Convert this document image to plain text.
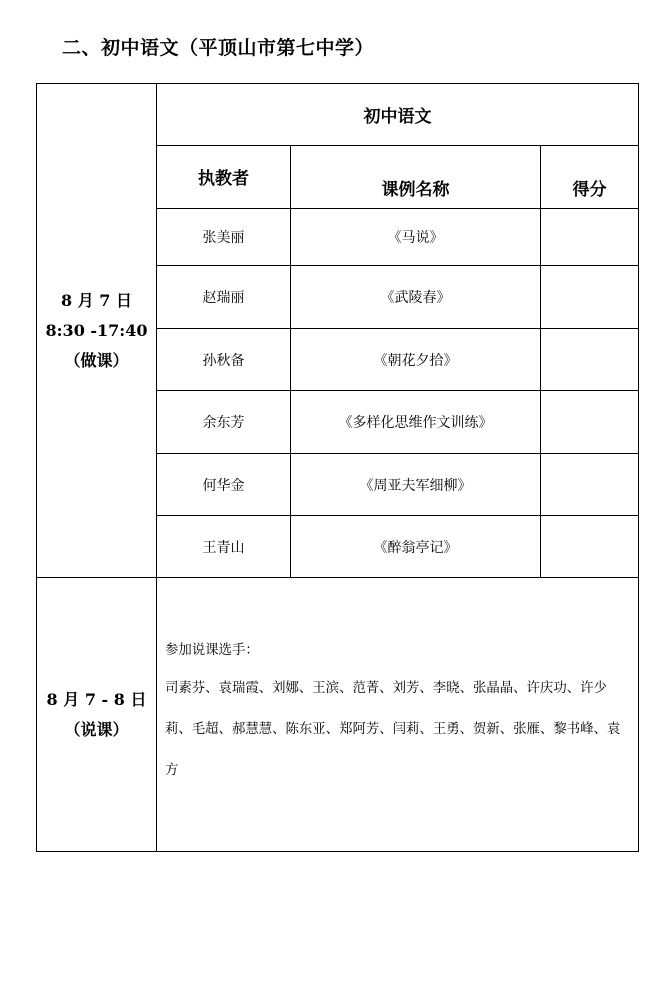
二、初中语文（平顶山市第七中学）
8 月 7 日
8:30 -17:40
（做课）	初中语文		
	执教者	课例名称	得分
	张美丽	《马说》	
	赵瑞丽	《武陵春》	
	孙秋备	《朝花夕拾》	
	余东芳	《多样化思维作文训练》	
	何华金	《周亚夫军细柳》	
	王青山	《醉翁亭记》	

8 月 7 - 8 日
（说课）	参加说课选手：
司素芬、袁瑞霞、刘娜、王滨、范菁、刘芳、李晓、张晶晶、许庆功、许少莉、毛超、郝慧慧、陈东亚、郑阿芳、闫莉、王勇、贺新、张雁、黎书峰、袁方		
